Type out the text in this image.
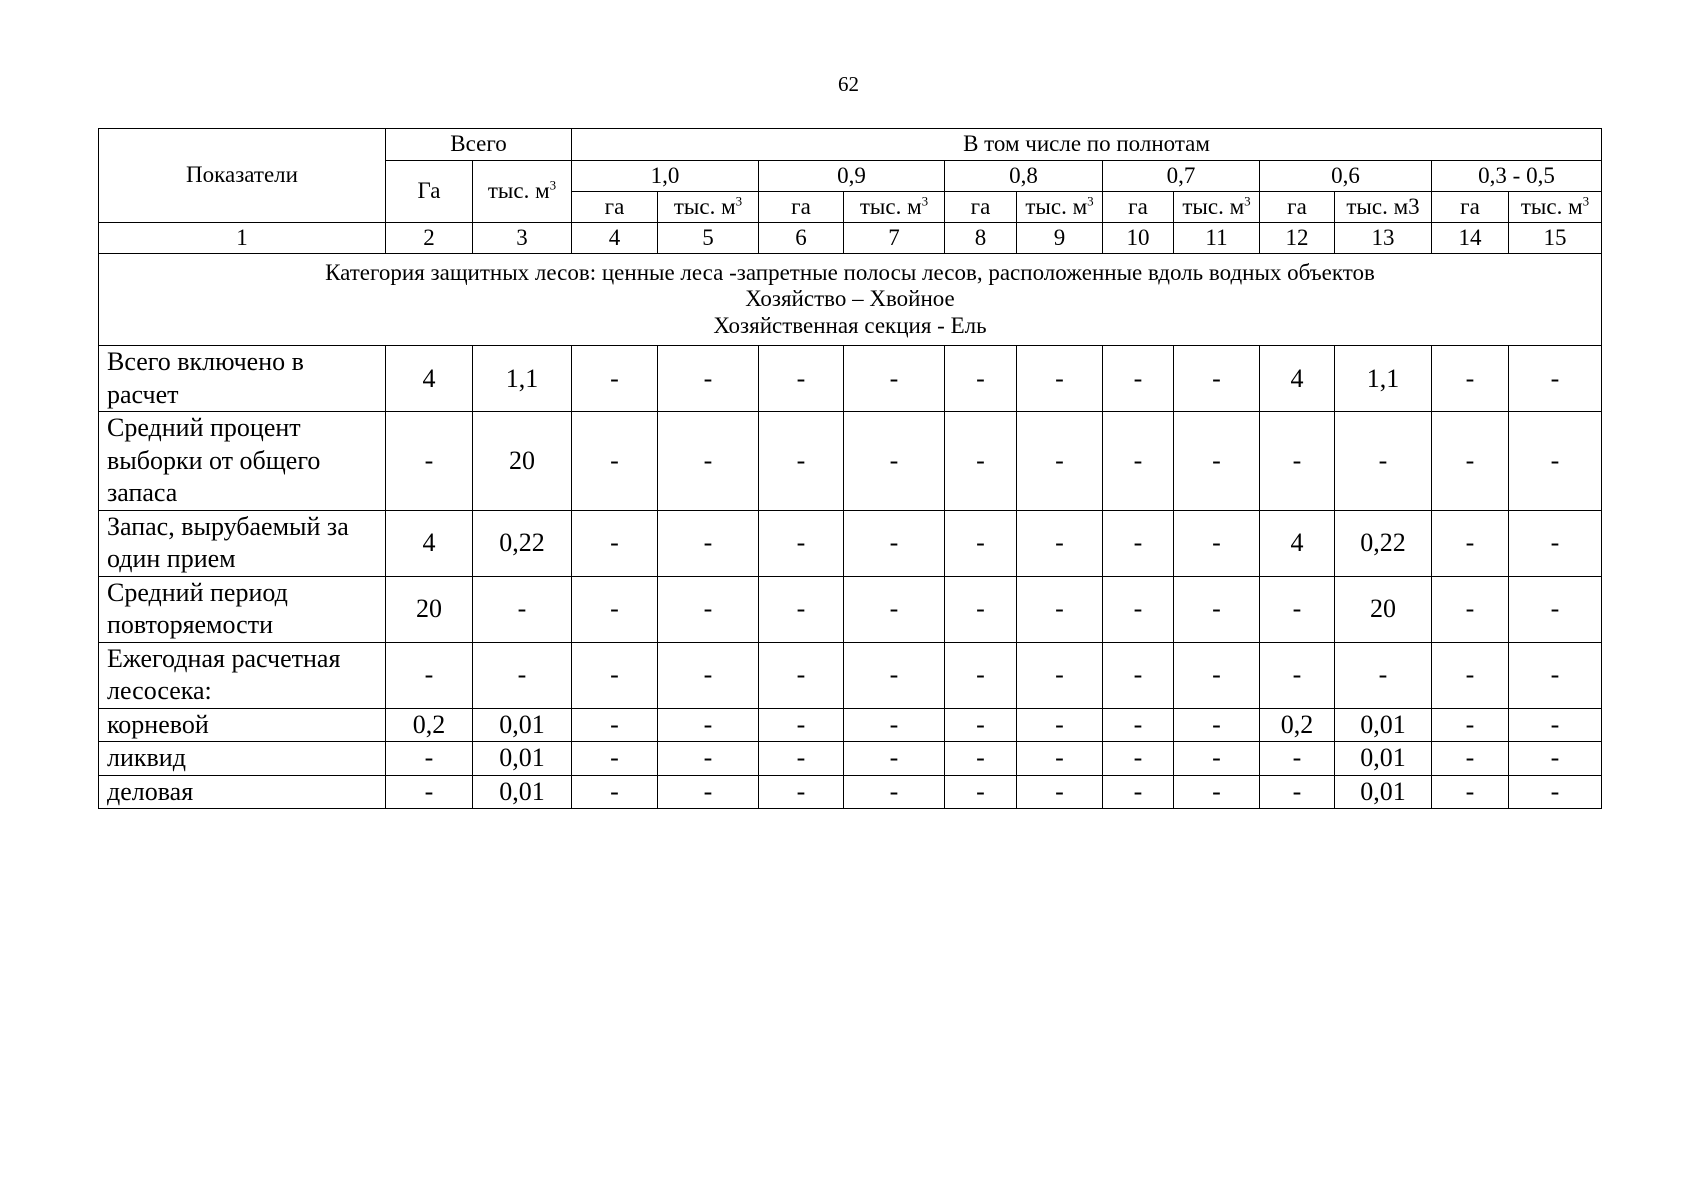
62
Показатели	Всего		В том числе по полнотам											
	Га	тыс. $м^3$	1,0		0,9		0,8		0,7		0,6		0,3 - 0,5	
			га	тыс. $м^3$	га	тыс. $м^3$	га	тыс. $м^3$	га	тыс. $м^3$	га	тыс. м3	га	тыс. $м^3$
1	2	3	4	5	6	7	8	9	10	11	12	13	14	15

Категория защитных лесов: ценные леса -запретные полосы лесов, расположенные вдоль водных объектов
Хозяйство – Хвойное
Хозяйственная секция - Ель														

Всего включено в расчет	4	1,1	-	-	-	-	-	-	-	-	4	1,1	-	-
Средний процент выборки от общего запаса	-	20	-	-	-	-	-	-	-	-	-	-	-	-
Запас, вырубаемый за один прием	4	0,22	-	-	-	-	-	-	-	-	4	0,22	-	-
Средний период повторяемости	20	-	-	-	-	-	-	-	-	-	-	20	-	-
Ежегодная расчетная лесосека:	-	-	-	-	-	-	-	-	-	-	-	-	-	-
корневой	0,2	0,01	-	-	-	-	-	-	-	-	0,2	0,01	-	-
ликвид	-	0,01	-	-	-	-	-	-	-	-	-	0,01	-	-
деловая	-	0,01	-	-	-	-	-	-	-	-	-	0,01	-	-
